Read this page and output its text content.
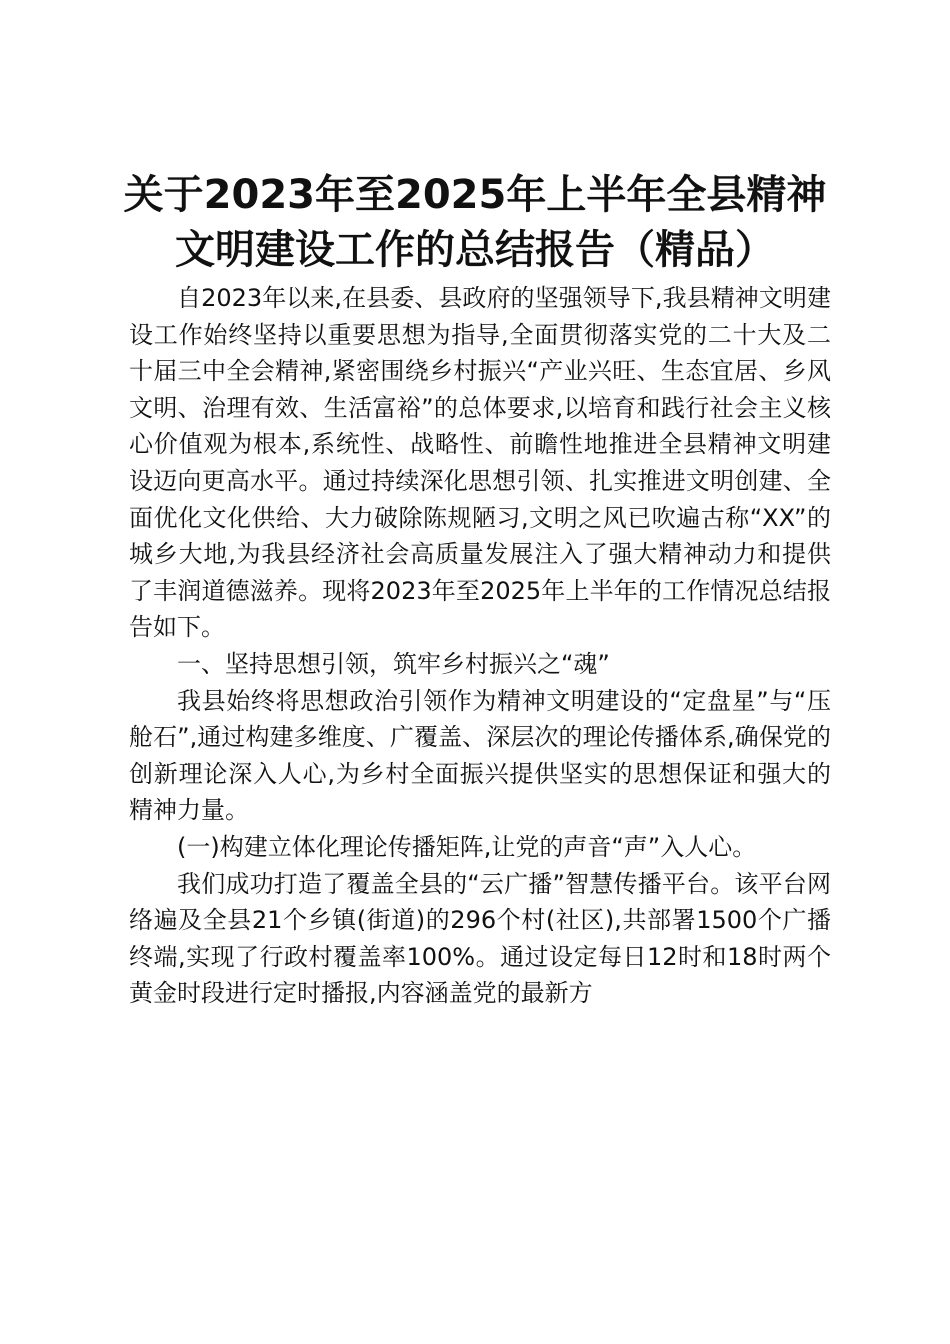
关于2023年至2025年上半年全县精神
文明建设工作的总结报告（精品）

自2023年以来,在县委、县政府的坚强领导下,我县精神文明建设工作始终坚持以重要思想为指导,全面贯彻落实党的二十大及二十届三中全会精神,紧密围绕乡村振兴“产业兴旺、生态宜居、乡风文明、治理有效、生活富裕”的总体要求,以培育和践行社会主义核心价值观为根本,系统性、战略性、前瞻性地推进全县精神文明建设迈向更高水平。通过持续深化思想引领、扎实推进文明创建、全面优化文化供给、大力破除陈规陋习,文明之风已吹遍古称“XX”的城乡大地,为我县经济社会高质量发展注入了强大精神动力和提供了丰润道德滋养。现将2023年至2025年上半年的工作情况总结报告如下。

一、坚持思想引领，筑牢乡村振兴之“魂”

我县始终将思想政治引领作为精神文明建设的“定盘星”与“压舱石”,通过构建多维度、广覆盖、深层次的理论传播体系,确保党的创新理论深入人心,为乡村全面振兴提供坚实的思想保证和强大的精神力量。

(一)构建立体化理论传播矩阵,让党的声音“声”入人心。

我们成功打造了覆盖全县的“云广播”智慧传播平台。该平台网络遍及全县21个乡镇(街道)的296个村(社区),共部署1500个广播终端,实现了行政村覆盖率100%。通过设定每日12时和18时两个黄金时段进行定时播报,内容涵盖党的最新方
